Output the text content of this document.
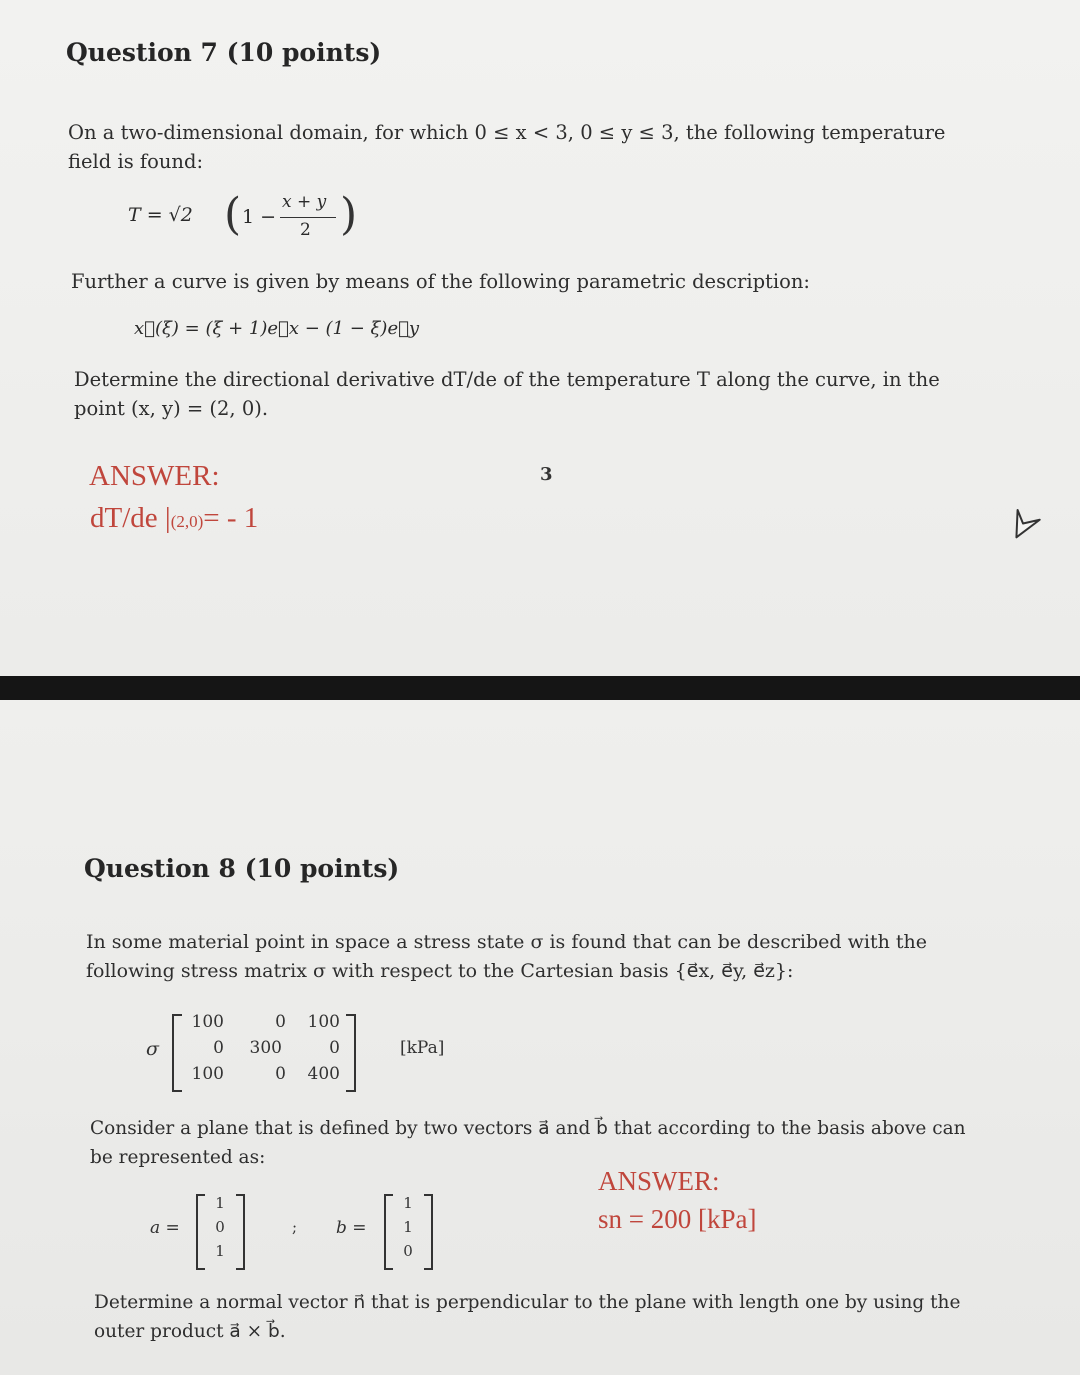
Question 7 (10 points)
On a two-dimensional domain, for which 0 ≤ x < 3, 0 ≤ y ≤ 3, the following temperature
field is found:
T = √2 ( 1 −
x + y
2 )
Further a curve is given by means of the following parametric description:
x⃗(ξ) = (ξ + 1)e⃗x − (1 − ξ)e⃗y
Determine the directional derivative dT/de of the temperature T along the curve, in the
point (x, y) = (2, 0).
ANSWER:
dT/de |(2,0)= - 1
3
Question 8 (10 points)
In some material point in space a stress state σ is found that can be described with the
following stress matrix σ with respect to the Cartesian basis {e⃗x, e⃗y, e⃗z}:
σ
100	0	100
0	300	0
100	0	400
[kPa]
Consider a plane that is defined by two vectors a⃗ and b⃗ that according to the basis above can
be represented as:
a =
1
0
1
; b =
1
1
0
ANSWER:
sn = 200 [kPa]
Determine a normal vector n⃗ that is perpendicular to the plane with length one by using the
outer product a⃗ × b⃗.
